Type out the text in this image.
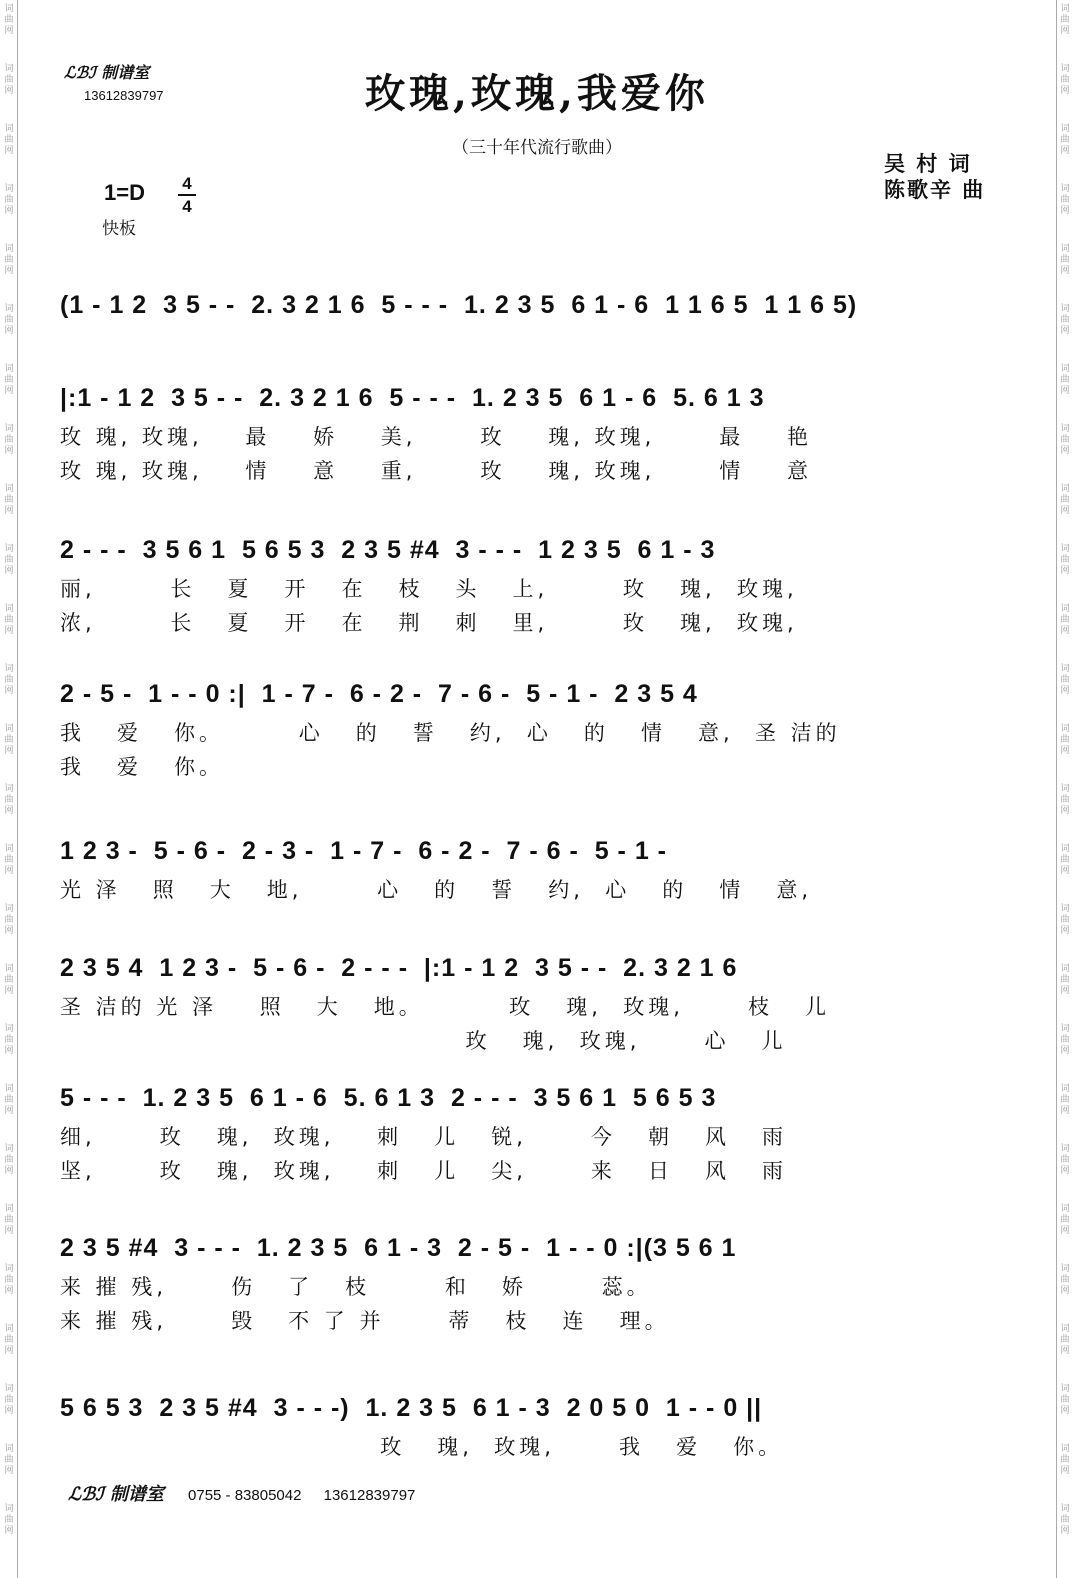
词曲网
词曲网
词曲网
词曲网
词曲网
词曲网
词曲网
词曲网
词曲网
词曲网
词曲网
词曲网
词曲网
词曲网
词曲网
词曲网
词曲网
词曲网
词曲网
词曲网
词曲网
词曲网
词曲网
词曲网
词曲网
词曲网
词曲网
词曲网
词曲网
词曲网
词曲网
词曲网
词曲网
词曲网
词曲网
词曲网
词曲网
词曲网
词曲网
词曲网
词曲网
词曲网
词曲网
词曲网
词曲网
词曲网
词曲网
词曲网
词曲网
词曲网
词曲网
词曲网
ℒℬℐ 制谱室
13612839797	玫瑰,玫瑰,我爱你
（三十年代流行歌曲）
吴 村 词
陈歌辛 曲
1=D	4
4
快板
(1 - 1 2  3 5 - -  2. 3 2 1 6  5 - - -  1. 2 3 5  6 1 - 6  1 1 6 5  1 1 6 5)
|:1 - 1 2  3 5 - -  2. 3 2 1 6  5 - - -  1. 2 3 5  6 1 - 6  5. 6 1 3
玫 瑰, 玫瑰,    最    娇    美,      玫    瑰, 玫瑰,      最    艳
玫 瑰, 玫瑰,    情    意    重,      玫    瑰, 玫瑰,      情    意
2 - - -  3 5 6 1  5 6 5 3  2 3 5 #4  3 - - -  1 2 3 5  6 1 - 3
丽,       长   夏   开   在   枝   头   上,       玫   瑰,  玫瑰,
浓,       长   夏   开   在   荆   刺   里,       玫   瑰,  玫瑰,
2 - 5 -  1 - - 0 :|  1 - 7 -  6 - 2 -  7 - 6 -  5 - 1 -  2 3 5 4
我   爱   你。       心   的   誓   约,  心   的   情   意,  圣 洁的
我   爱   你。
1 2 3 -  5 - 6 -  2 - 3 -  1 - 7 -  6 - 2 -  7 - 6 -  5 - 1 -
光 泽   照   大   地,       心   的   誓   约,  心   的   情   意,
2 3 5 4  1 2 3 -  5 - 6 -  2 - - -  |:1 - 1 2  3 5 - -  2. 3 2 1 6
圣 洁的 光 泽    照   大   地。        玫   瑰,  玫瑰,      枝   儿
玫   瑰,  玫瑰,      心   儿
5 - - -  1. 2 3 5  6 1 - 6  5. 6 1 3  2 - - -  3 5 6 1  5 6 5 3
细,      玫   瑰,  玫瑰,    刺   儿   锐,      今   朝   风   雨
坚,      玫   瑰,  玫瑰,    刺   儿   尖,      来   日   风   雨
2 3 5 #4  3 - - -  1. 2 3 5  6 1 - 3  2 - 5 -  1 - - 0 :|(3 5 6 1
来 摧 残,      伤   了   枝       和   娇       蕊。
来 摧 残,      毁   不 了 并      蒂   枝   连   理。
5 6 5 3  2 3 5 #4  3 - - -)  1. 2 3 5  6 1 - 3  2 0 5 0  1 - - 0 ||
玫   瑰,  玫瑰,      我   爱   你。
ℒℬℐ 制谱室 0755 - 83805042 13612839797
